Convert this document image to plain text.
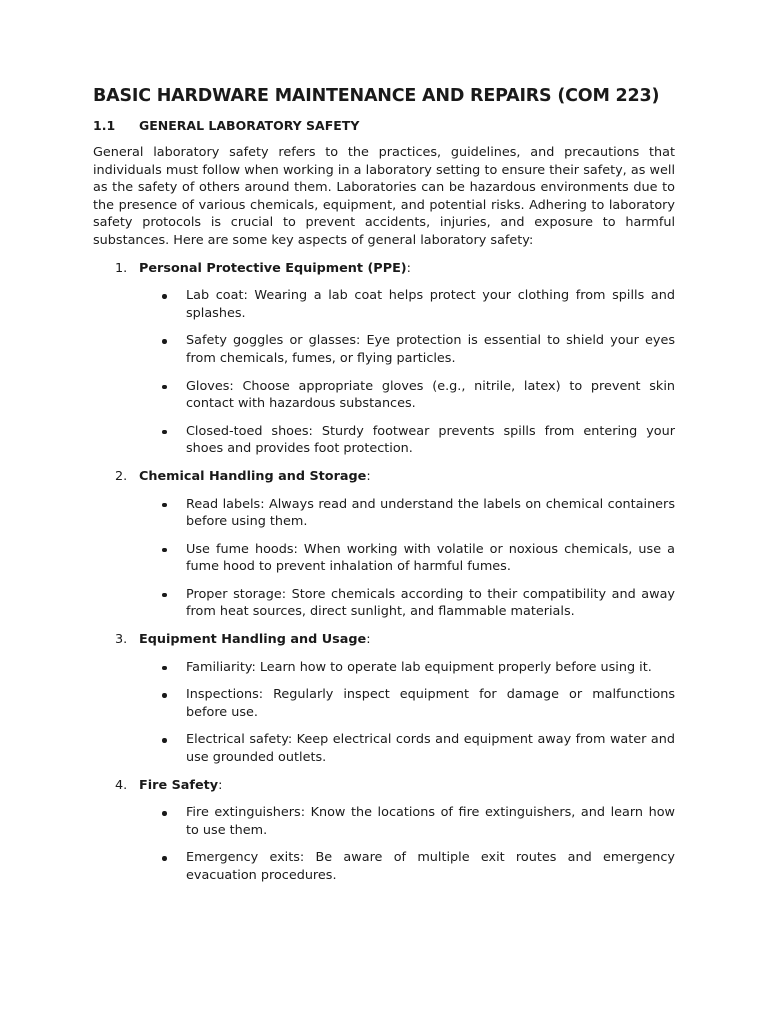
BASIC HARDWARE MAINTENANCE AND REPAIRS (COM 223)
1.1	GENERAL LABORATORY SAFETY

General laboratory safety refers to the practices, guidelines, and precautions that individuals must follow when working in a laboratory setting to ensure their safety, as well as the safety of others around them. Laboratories can be hazardous environments due to the presence of various chemicals, equipment, and potential risks. Adhering to laboratory safety protocols is crucial to prevent accidents, injuries, and exposure to harmful substances. Here are some key aspects of general laboratory safety:

1. Personal Protective Equipment (PPE):
Lab coat: Wearing a lab coat helps protect your clothing from spills and splashes.
Safety goggles or glasses: Eye protection is essential to shield your eyes from chemicals, fumes, or flying particles.
Gloves: Choose appropriate gloves (e.g., nitrile, latex) to prevent skin contact with hazardous substances.
Closed-toed shoes: Sturdy footwear prevents spills from entering your shoes and provides foot protection.
2. Chemical Handling and Storage:
Read labels: Always read and understand the labels on chemical containers before using them.
Use fume hoods: When working with volatile or noxious chemicals, use a fume hood to prevent inhalation of harmful fumes.
Proper storage: Store chemicals according to their compatibility and away from heat sources, direct sunlight, and flammable materials.
3. Equipment Handling and Usage:
Familiarity: Learn how to operate lab equipment properly before using it.
Inspections: Regularly inspect equipment for damage or malfunctions before use.
Electrical safety: Keep electrical cords and equipment away from water and use grounded outlets.
4. Fire Safety:
Fire extinguishers: Know the locations of fire extinguishers, and learn how to use them.
Emergency exits: Be aware of multiple exit routes and emergency evacuation procedures.
